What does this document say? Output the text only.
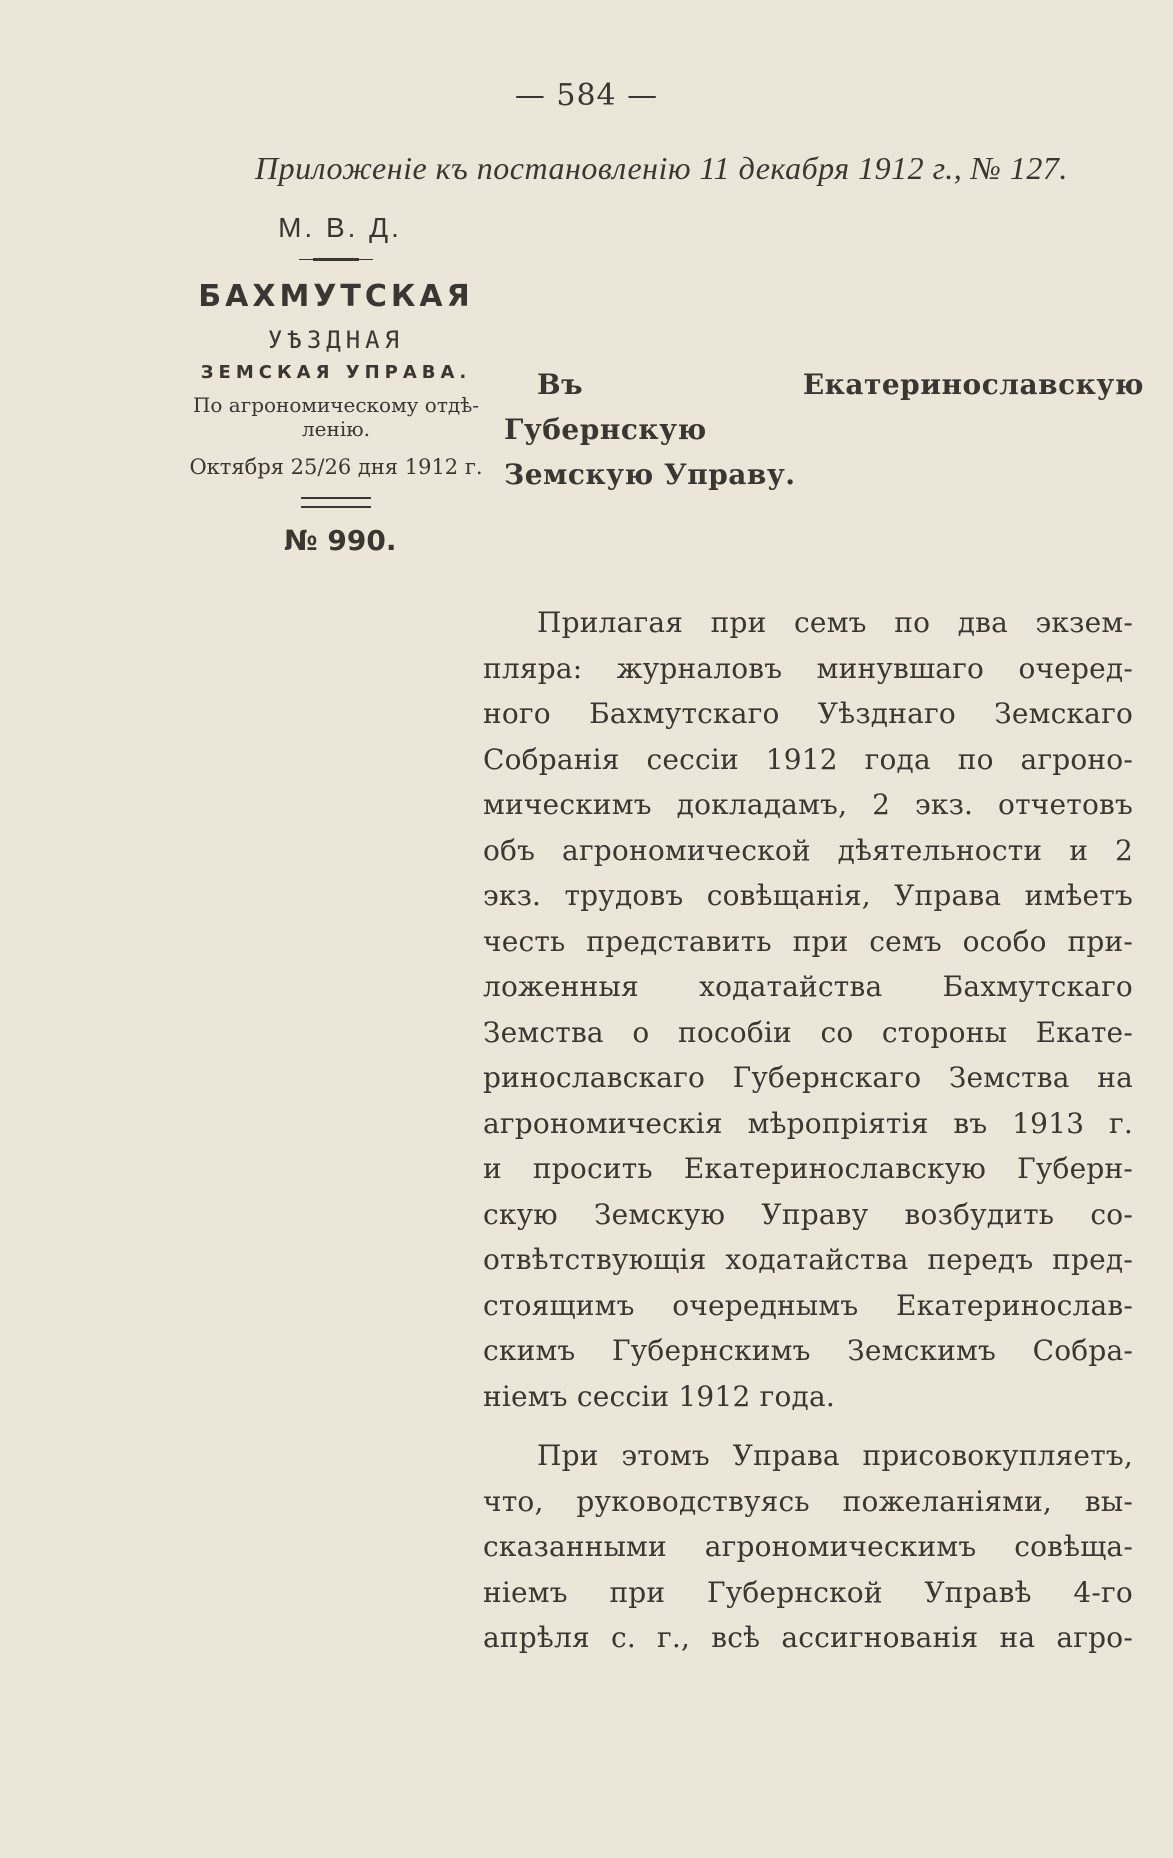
— 584 —
Приложеніе къ постановленію 11 декабря 1912 г., № 127.
М. В. Д.
БАХМУТСКАЯ
УѢЗДНАЯ
ЗЕМСКАЯ УПРАВА.
По агрономическому отдѣ-
ленію.
Октября 25/26 дня 1912 г.
№ 990.
Въ Екатеринославскую Губернскую
Земскую Управу.
Прилагая при семъ по два экзем-
пляра: журналовъ минувшаго очеред-
ного Бахмутскаго Уѣзднаго Земскаго
Собранія сессіи 1912 года по агроно-
мическимъ докладамъ, 2 экз. отчетовъ
объ агрономической дѣятельности и 2
экз. трудовъ совѣщанія, Управа имѣетъ
честь представить при семъ особо при-
ложенныя ходатайства Бахмутскаго
Земства о пособіи со стороны Екате-
ринославскаго Губернскаго Земства на
агрономическія мѣропріятія въ 1913 г.
и просить Екатеринославскую Губерн-
скую Земскую Управу возбудить со-
отвѣтствующія ходатайства передъ пред-
стоящимъ очереднымъ Екатеринослав-
скимъ Губернскимъ Земскимъ Собра-
ніемъ сессіи 1912 года.
При этомъ Управа присовокупляетъ,
что, руководствуясь пожеланіями, вы-
сказанными агрономическимъ совѣща-
ніемъ при Губернской Управѣ 4-го
апрѣля с. г., всѣ ассигнованія на агро-
